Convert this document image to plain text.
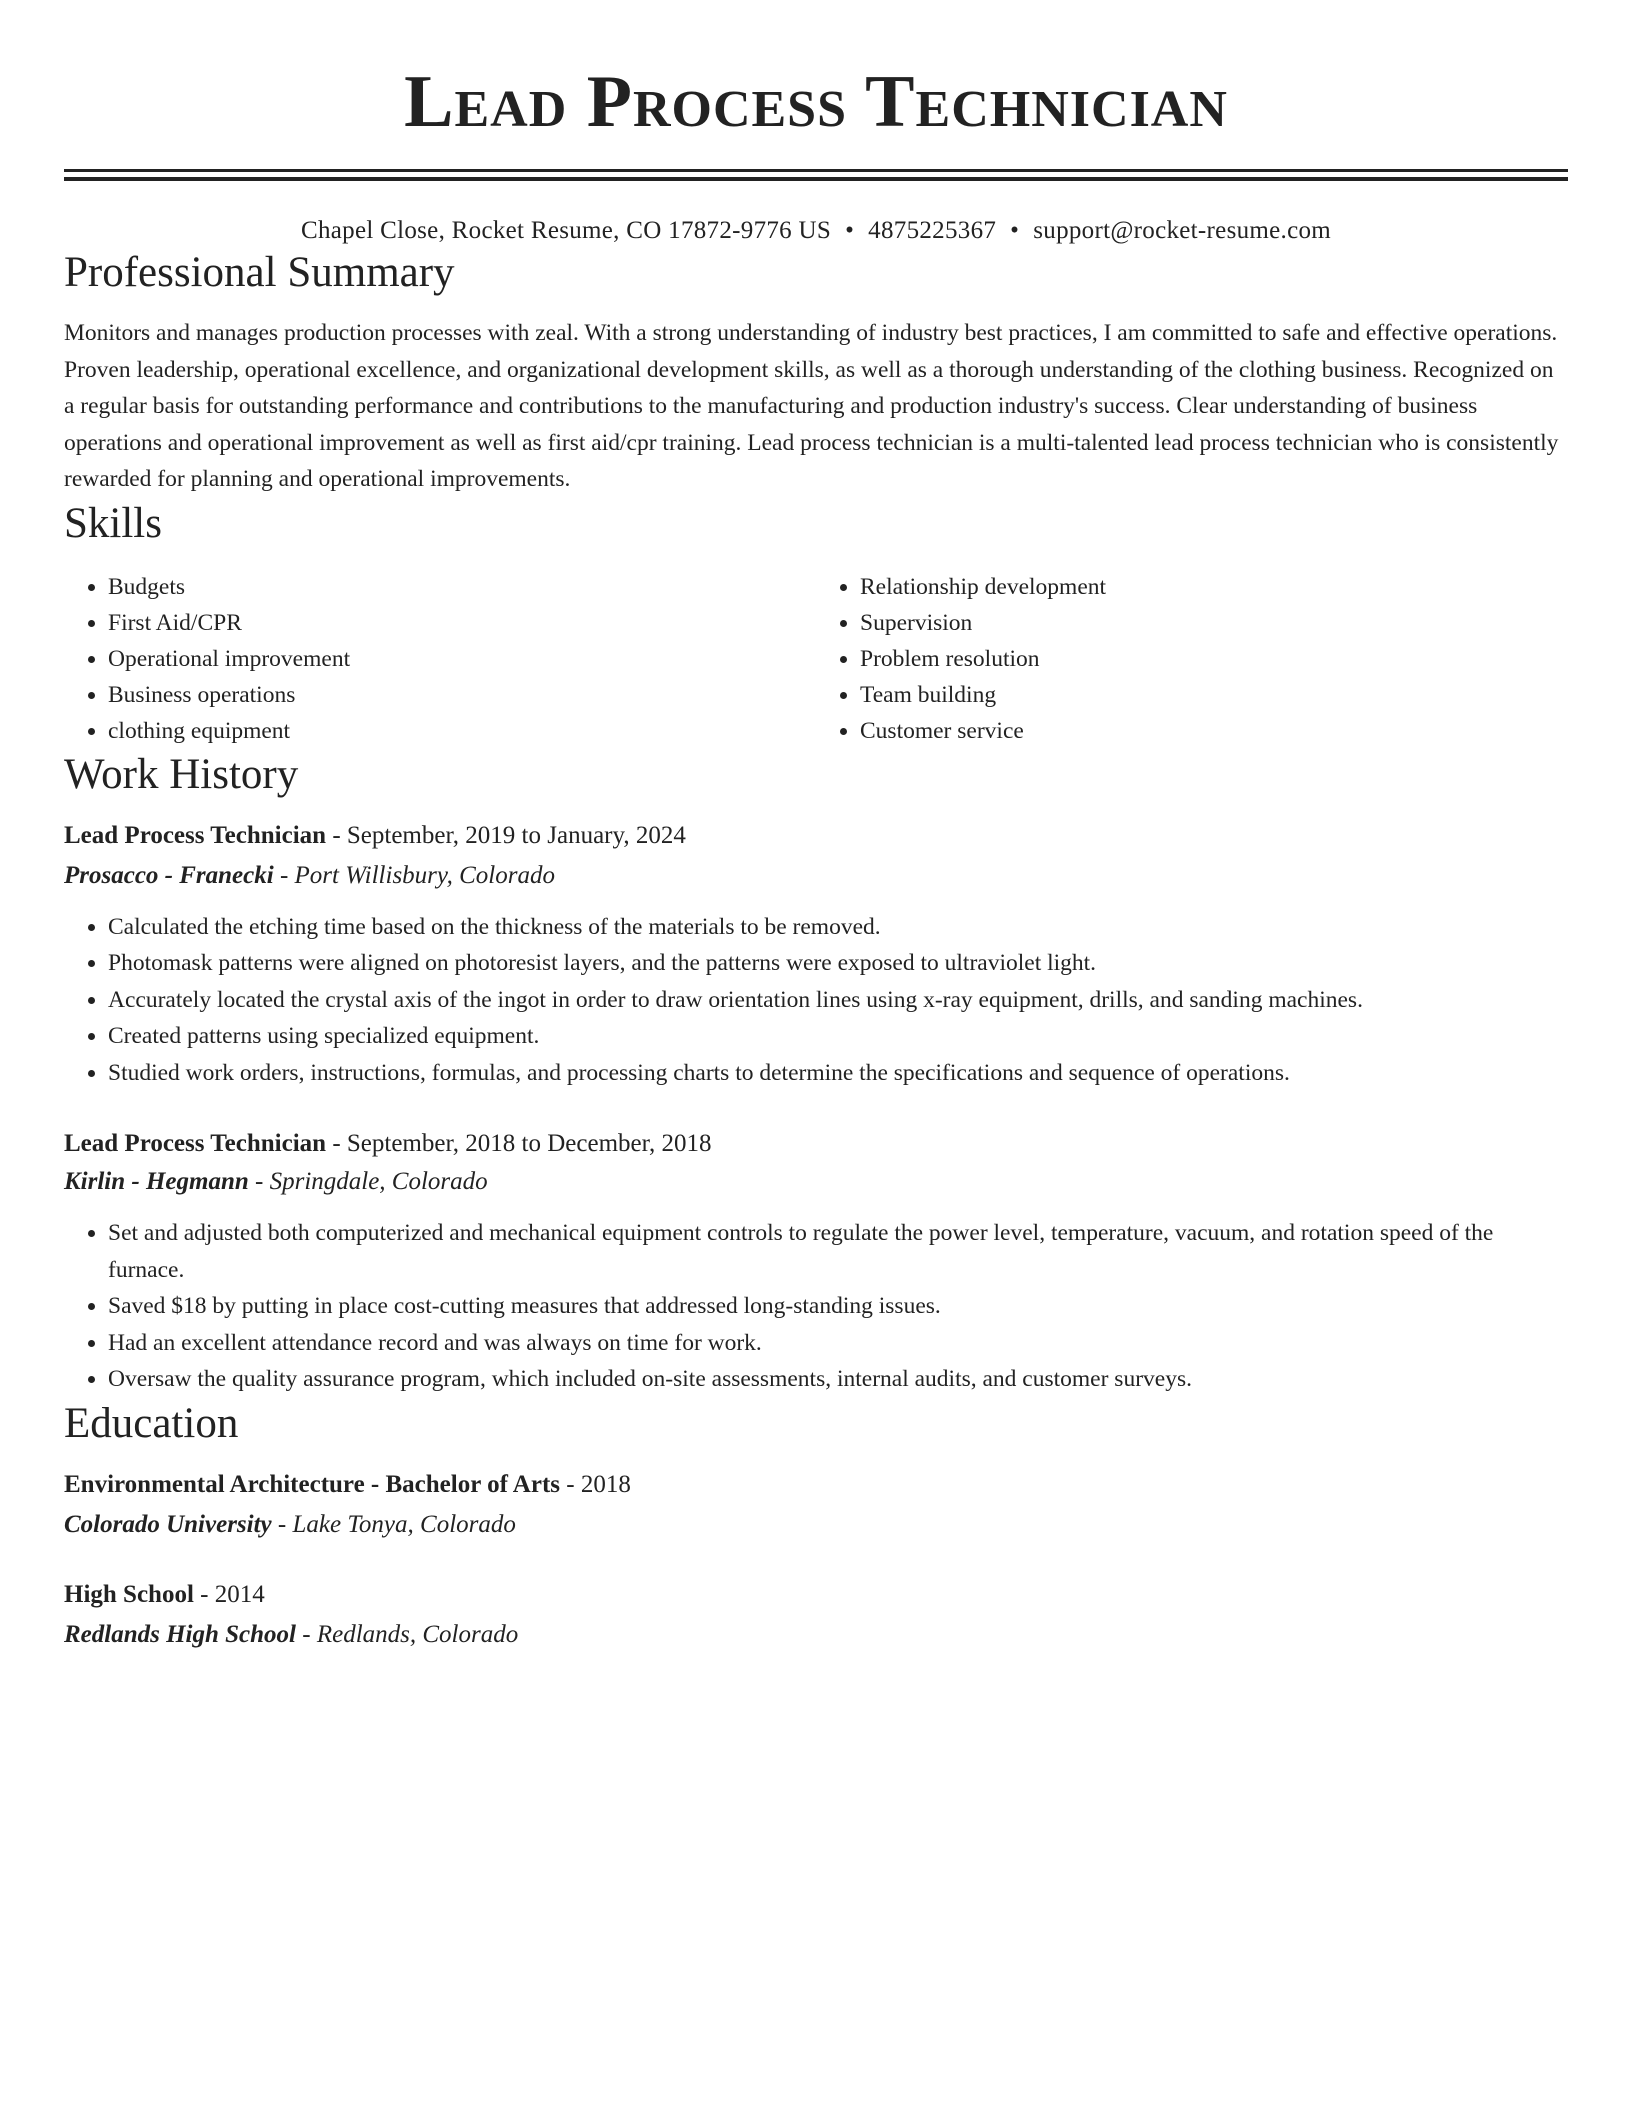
Lead Process Technician
Chapel Close, Rocket Resume, CO 17872-9776 US • 4875225367 • support@rocket-resume.com
Professional Summary

Monitors and manages production processes with zeal. With a strong understanding of industry best practices, I am committed to safe and effective operations. Proven leadership, operational excellence, and organizational development skills, as well as a thorough understanding of the clothing business. Recognized on a regular basis for outstanding performance and contributions to the manufacturing and production industry's success. Clear understanding of business operations and operational improvement as well as first aid/cpr training. Lead process technician is a multi-talented lead process technician who is consistently rewarded for planning and operational improvements.

Skills
• Budgets
• First Aid/CPR
• Operational improvement
• Business operations
• clothing equipment
• Relationship development
• Supervision
• Problem resolution
• Team building
• Customer service
Work History
Lead Process Technician - September, 2019 to January, 2024
Prosacco - Franecki - Port Willisbury, Colorado
• Calculated the etching time based on the thickness of the materials to be removed.
• Photomask patterns were aligned on photoresist layers, and the patterns were exposed to ultraviolet light.
• Accurately located the crystal axis of the ingot in order to draw orientation lines using x-ray equipment, drills, and sanding machines.
• Created patterns using specialized equipment.
• Studied work orders, instructions, formulas, and processing charts to determine the specifications and sequence of operations.
Lead Process Technician - September, 2018 to December, 2018
Kirlin - Hegmann - Springdale, Colorado
• Set and adjusted both computerized and mechanical equipment controls to regulate the power level, temperature, vacuum, and rotation speed of the furnace.
• Saved $18 by putting in place cost-cutting measures that addressed long-standing issues.
• Had an excellent attendance record and was always on time for work.
• Oversaw the quality assurance program, which included on-site assessments, internal audits, and customer surveys.
Education
Environmental Architecture - Bachelor of Arts - 2018
Colorado University - Lake Tonya, Colorado
High School - 2014
Redlands High School - Redlands, Colorado
